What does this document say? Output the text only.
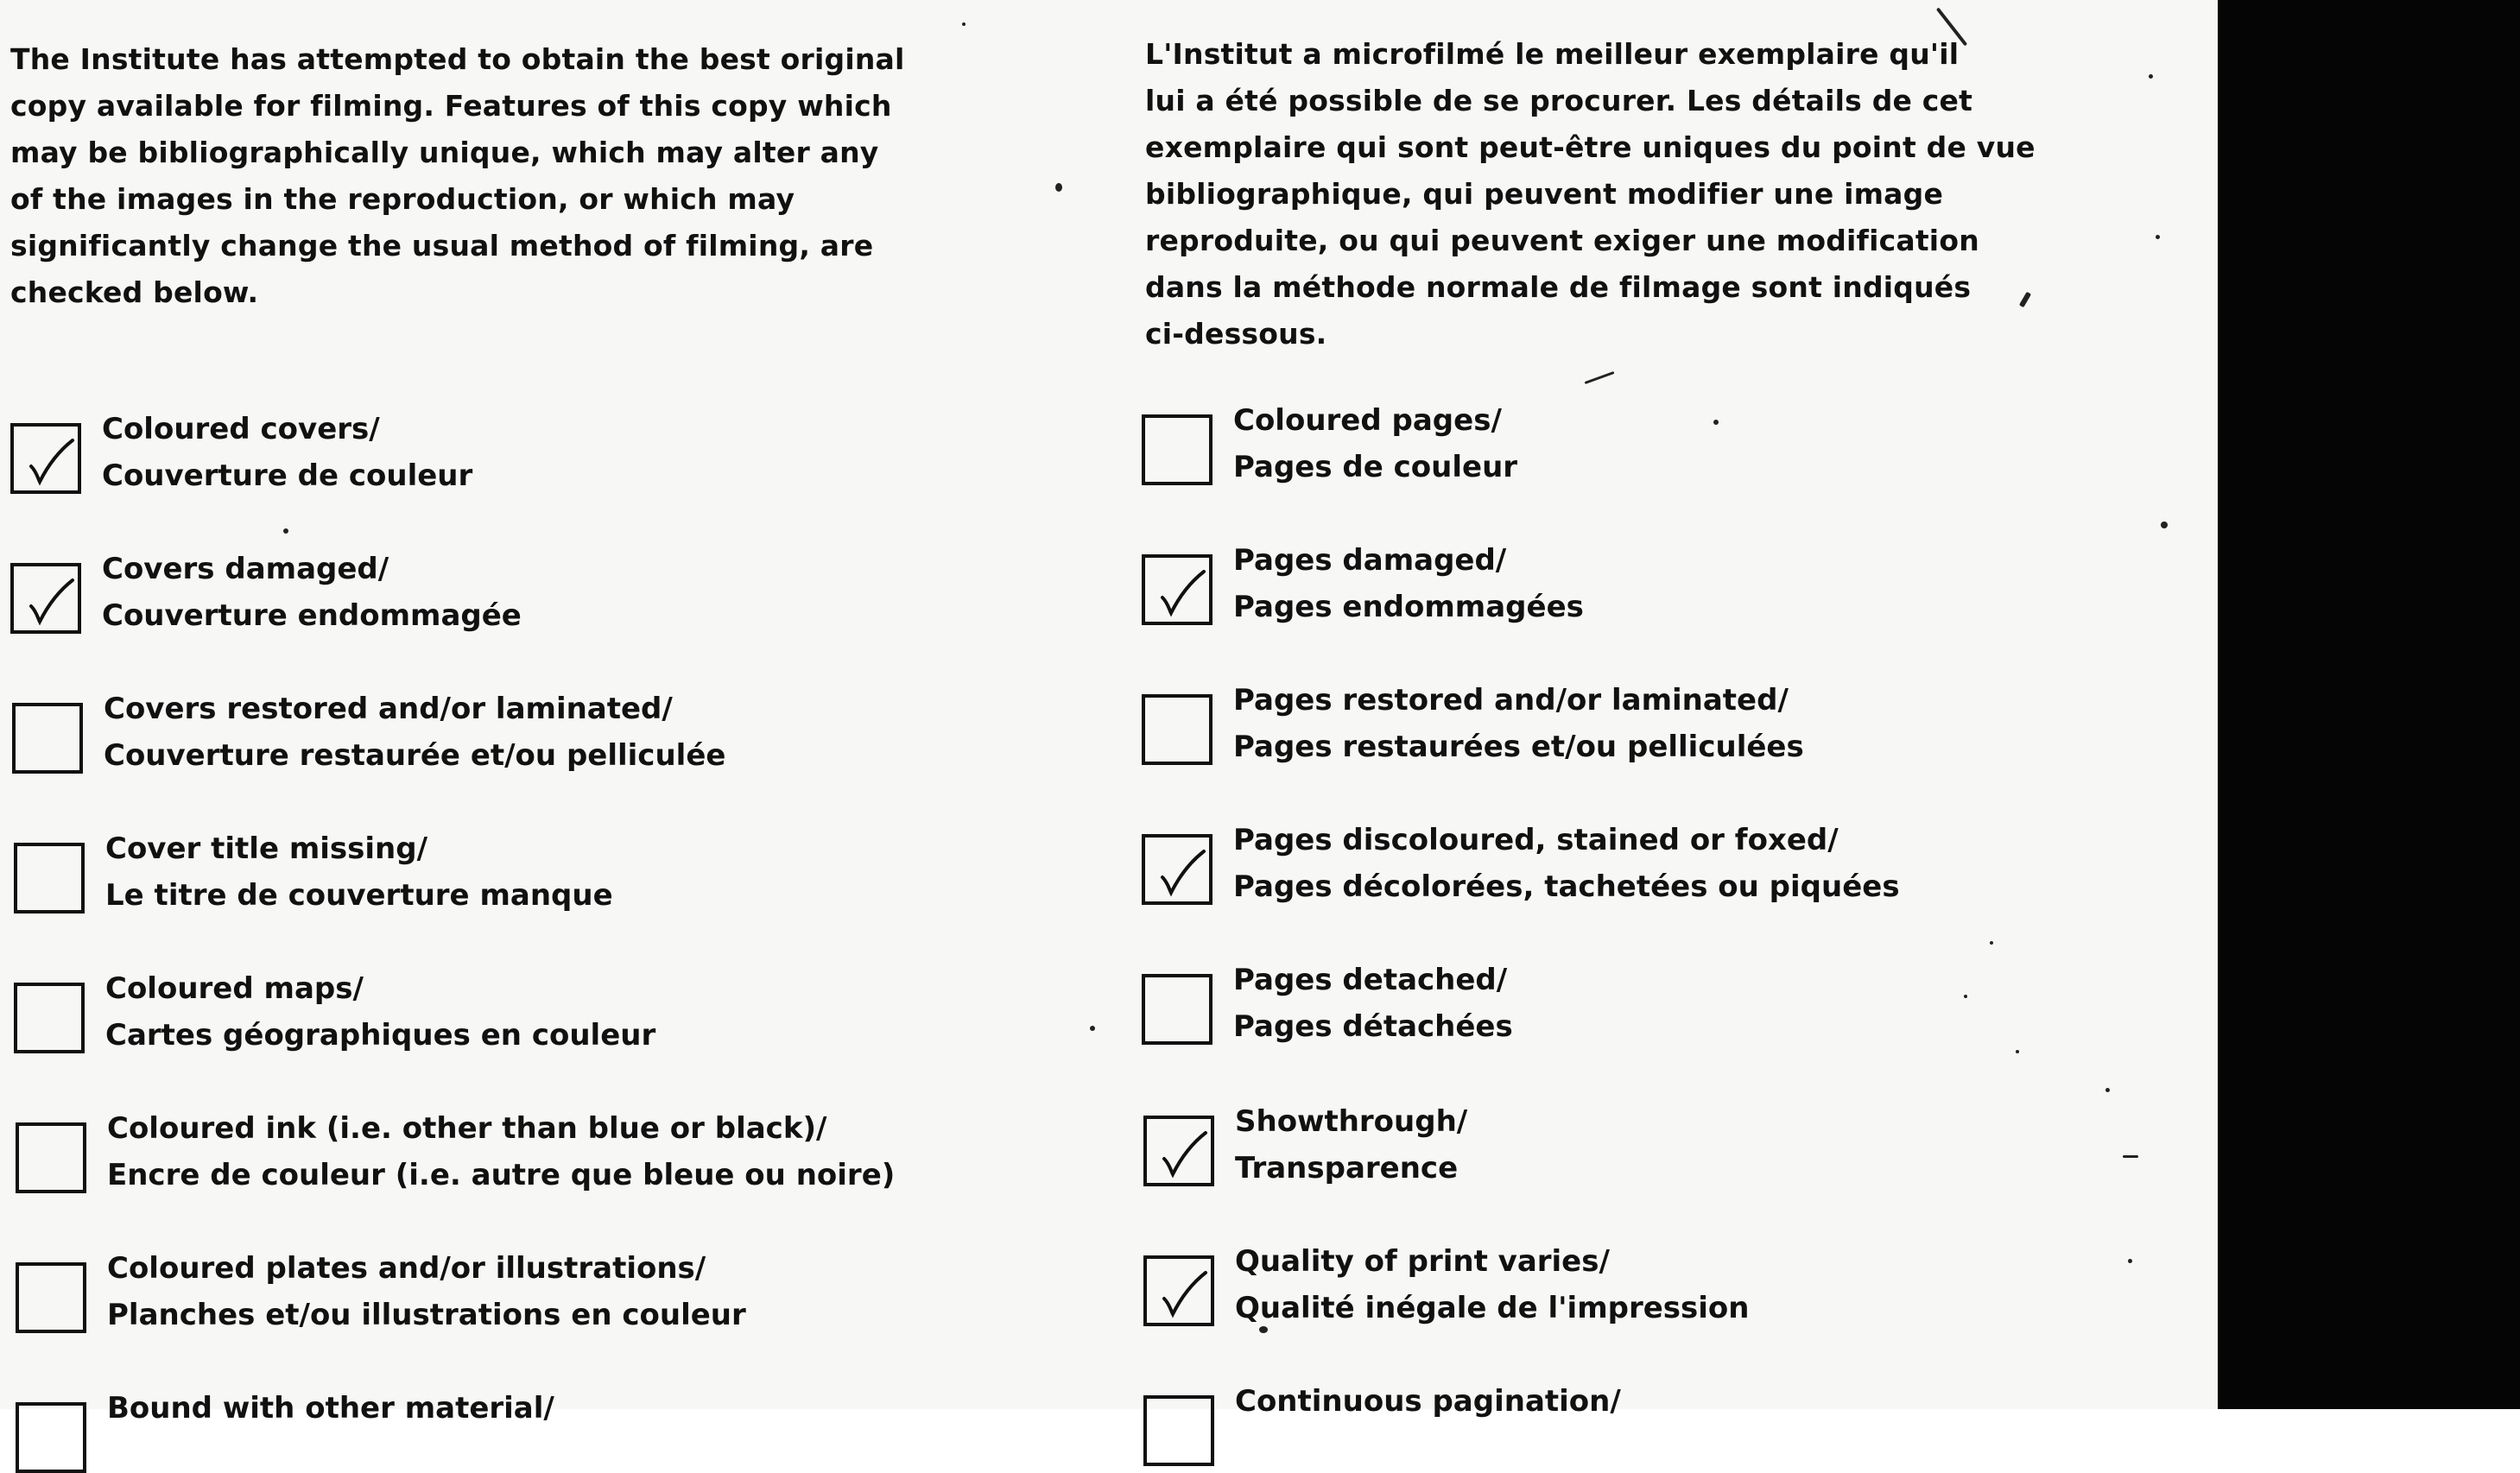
The Institute has attempted to obtain the best original
copy available for filming. Features of this copy which
may be bibliographically unique, which may alter any
of the images in the reproduction, or which may
significantly change the usual method of filming, are
checked below.
L'Institut a microfilmé le meilleur exemplaire qu'il
lui a été possible de se procurer. Les détails de cet
exemplaire qui sont peut-être uniques du point de vue
bibliographique, qui peuvent modifier une image
reproduite, ou qui peuvent exiger une modification
dans la méthode normale de filmage sont indiqués
ci-dessous.
Coloured covers/
Couverture de couleur
Covers damaged/
Couverture endommagée
Covers restored and/or laminated/
Couverture restaurée et/ou pelliculée
Cover title missing/
Le titre de couverture manque
Coloured maps/
Cartes géographiques en couleur
Coloured ink (i.e. other than blue or black)/
Encre de couleur (i.e. autre que bleue ou noire)
Coloured plates and/or illustrations/
Planches et/ou illustrations en couleur
Bound with other material/
Coloured pages/
Pages de couleur
Pages damaged/
Pages endommagées
Pages restored and/or laminated/
Pages restaurées et/ou pelliculées
Pages discoloured, stained or foxed/
Pages décolorées, tachetées ou piquées
Pages detached/
Pages détachées
Showthrough/
Transparence
Quality of print varies/
Qualité inégale de l'impression
Continuous pagination/
